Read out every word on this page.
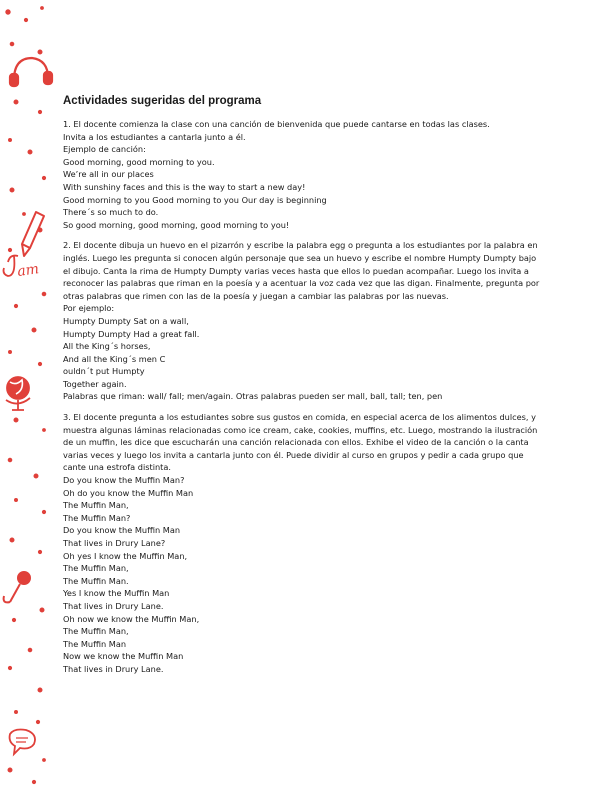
am
Actividades sugeridas del programa

1. El docente comienza la clase con una canción de bienvenida que puede cantarse en todas las clases.

Invita a los estudiantes a cantarla junto a él.
Ejemplo de canción:
Good morning, good morning to you.
We’re all in our places
With sunshiny faces and this is the way to start a new day!
Good morning to you Good morning to you Our day is beginning
There´s so much to do.
So good morning, good morning, good morning to you!

2. El docente dibuja un huevo en el pizarrón y escribe la palabra egg o pregunta a los estudiantes por la palabra en inglés. Luego les pregunta si conocen algún personaje que sea un huevo y escribe el nombre Humpty Dumpty bajo el dibujo. Canta la rima de Humpty Dumpty varias veces hasta que ellos lo puedan acompañar. Luego los invita a reconocer las palabras que riman en la poesía y a acentuar la voz cada vez que las digan. Finalmente, pregunta por otras palabras que rimen con las de la poesía y juegan a cambiar las palabras por las nuevas.

Por ejemplo:
Humpty Dumpty Sat on a wall,
Humpty Dumpty Had a great fall.
All the King´s horses,
And all the King´s men C
ouldn´t put Humpty
Together again.
Palabras que riman: wall/ fall; men/again. Otras palabras pueden ser mall, ball, tall; ten, pen

3. El docente pregunta a los estudiantes sobre sus gustos en comida, en especial acerca de los alimentos dulces, y muestra algunas láminas relacionadas como ice cream, cake, cookies, muffins, etc. Luego, mostrando la ilustración de un muffin, les dice que escucharán una canción relacionada con ellos. Exhibe el video de la canción o la canta varias veces y luego los invita a cantarla junto con él. Puede dividir al curso en grupos y pedir a cada grupo que cante una estrofa distinta.

Do you know the Muffin Man?
Oh do you know the Muffin Man
The Muffin Man,
The Muffin Man?
Do you know the Muffin Man
That lives in Drury Lane?
Oh yes I know the Muffin Man,
The Muffin Man,
The Muffin Man.
Yes I know the Muffin Man
That lives in Drury Lane.
Oh now we know the Muffin Man,
The Muffin Man,
The Muffin Man
Now we know the Muffin Man
That lives in Drury Lane.
